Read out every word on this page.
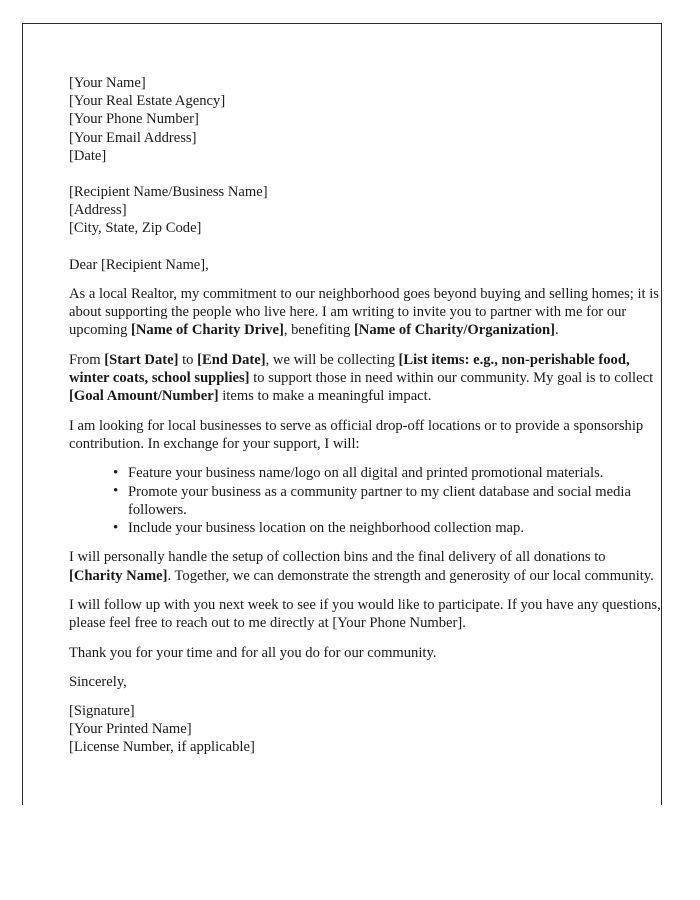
[Your Name]
[Your Real Estate Agency]
[Your Phone Number]
[Your Email Address]
[Date]
[Recipient Name/Business Name]
[Address]
[City, State, Zip Code]
Dear [Recipient Name],

As a local Realtor, my commitment to our neighborhood goes beyond buying and selling homes; it is about supporting the people who live here. I am writing to invite you to partner with me for our upcoming [Name of Charity Drive], benefiting [Name of Charity/Organization].

From [Start Date] to [End Date], we will be collecting [List items: e.g., non-perishable food, winter coats, school supplies] to support those in need within our community. My goal is to collect [Goal Amount/Number] items to make a meaningful impact.

I am looking for local businesses to serve as official drop-off locations or to provide a sponsorship contribution. In exchange for your support, I will:

• Feature your business name/logo on all digital and printed promotional materials.
• Promote your business as a community partner to my client database and social media followers.
• Include your business location on the neighborhood collection map.

I will personally handle the setup of collection bins and the final delivery of all donations to [Charity Name]. Together, we can demonstrate the strength and generosity of our local community.

I will follow up with you next week to see if you would like to participate. If you have any questions, please feel free to reach out to me directly at [Your Phone Number].

Thank you for your time and for all you do for our community.

Sincerely,
[Signature]
[Your Printed Name]
[License Number, if applicable]
